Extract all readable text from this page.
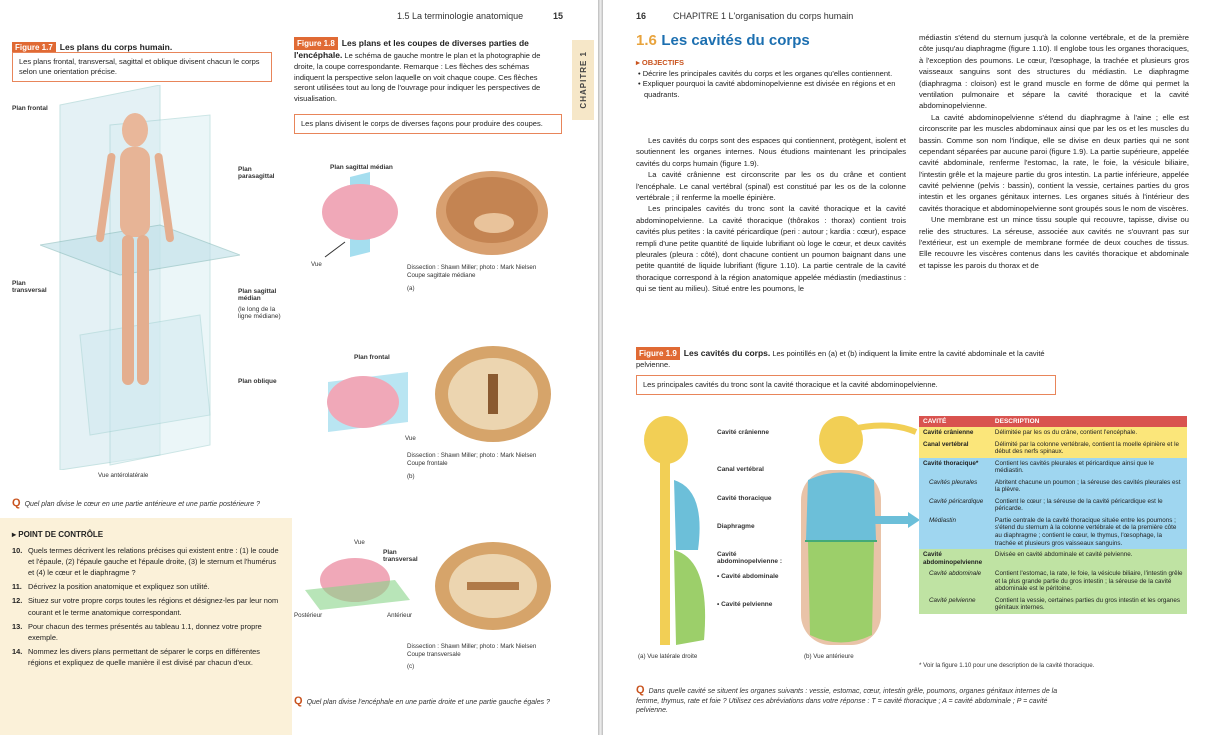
1.5 La terminologie anatomique	15
Figure 1.7 Les plans du corps humain.
Les plans frontal, transversal, sagittal et oblique divisent chacun le corps selon une orientation précise.
Plan frontal
Plan parasagittal
Plan transversal	Plan sagittal médian
(le long de la ligne médiane)
Plan oblique
Vue antérolatérale
Q Quel plan divise le cœur en une partie antérieure et une partie postérieure ?
▸ POINT DE CONTRÔLE
10. Quels termes décrivent les relations précises qui existent entre : (1) le coude et l'épaule, (2) l'épaule gauche et l'épaule droite, (3) le sternum et l'humérus et (4) le cœur et le diaphragme ?
11. Décrivez la position anatomique et expliquez son utilité.
12. Situez sur votre propre corps toutes les régions et désignez-les par leur nom courant et le terme anatomique correspondant.
13. Pour chacun des termes présentés au tableau 1.1, donnez votre propre exemple.
14. Nommez les divers plans permettant de séparer le corps en différentes régions et expliquez de quelle manière il est divisé par chacun d'eux.
Figure 1.8 Les plans et les coupes de diverses parties de l'encéphale. Le schéma de gauche montre le plan et la photographie de droite, la coupe correspondante. Remarque : Les flèches des schémas indiquent la perspective selon laquelle on voit chaque coupe. Ces flèches seront utilisées tout au long de l'ouvrage pour indiquer les perspectives de visualisation.
Les plans divisent le corps de diverses façons pour produire des coupes.
Plan sagittal médian
Vue	Dissection : Shawn Miller; photo : Mark Nielsen
Coupe sagittale médiane
(a)
Plan frontal
Vue
Dissection : Shawn Miller; photo : Mark Nielsen
Coupe frontale
(b)
Vue
Plan transversal
Postérieur	Antérieur
Dissection : Shawn Miller; photo : Mark Nielsen
Coupe transversale
(c)
Q Quel plan divise l'encéphale en une partie droite et une partie gauche égales ?
CHAPITRE 1
16	CHAPITRE 1 L'organisation du corps humain
1.6 Les cavités du corps
▸ OBJECTIFS
• Décrire les principales cavités du corps et les organes qu'elles contiennent.
• Expliquer pourquoi la cavité abdominopelvienne est divisée en régions et en quadrants.

Les cavités du corps sont des espaces qui contiennent, protègent, isolent et soutiennent les organes internes. Nous étudions maintenant les principales cavités du corps humain (figure 1.9).

La cavité crânienne est circonscrite par les os du crâne et contient l'encéphale. Le canal vertébral (spinal) est constitué par les os de la colonne vertébrale ; il renferme la moelle épinière.

Les principales cavités du tronc sont la cavité thoracique et la cavité abdominopelvienne. La cavité thoracique (thôrakos : thorax) contient trois cavités plus petites : la cavité péricardique (peri : autour ; kardia : cœur), espace rempli d'une petite quantité de liquide lubrifiant où loge le cœur, et deux cavités pleurales (pleura : côté), dont chacune contient un poumon baignant dans une petite quantité de liquide lubrifiant (figure 1.10). La partie centrale de la cavité thoracique correspond à la région anatomique appelée médiastin (mediastinus : qui se tient au milieu). Situé entre les poumons, le

médiastin s'étend du sternum jusqu'à la colonne vertébrale, et de la première côte jusqu'au diaphragme (figure 1.10). Il englobe tous les organes thoraciques, à l'exception des poumons. Le cœur, l'œsophage, la trachée et plusieurs gros vaisseaux sanguins sont des structures du médiastin. Le diaphragme (diaphragma : cloison) est le grand muscle en forme de dôme qui permet la ventilation pulmonaire et sépare la cavité thoracique et la cavité abdominopelvienne.

La cavité abdominopelvienne s'étend du diaphragme à l'aine ; elle est circonscrite par les muscles abdominaux ainsi que par les os et les muscles du bassin. Comme son nom l'indique, elle se divise en deux parties qui ne sont cependant séparées par aucune paroi (figure 1.9). La partie supérieure, appelée cavité abdominale, renferme l'estomac, la rate, le foie, la vésicule biliaire, l'intestin grêle et la majeure partie du gros intestin. La partie inférieure, appelée cavité pelvienne (pelvis : bassin), contient la vessie, certaines parties du gros intestin et les organes génitaux internes. Les organes situés à l'intérieur des cavités thoracique et abdominopelvienne sont groupés sous le nom de viscères.

Une membrane est un mince tissu souple qui recouvre, tapisse, divise ou relie des structures. La séreuse, associée aux cavités ne s'ouvrant pas sur l'extérieur, est un exemple de membrane formée de deux couches de tissus. Elle recouvre les viscères contenus dans les cavités thoracique et abdominale et tapisse les parois du thorax et de

Figure 1.9 Les cavités du corps. Les pointillés en (a) et (b) indiquent la limite entre la cavité abdominale et la cavité pelvienne.
Les principales cavités du tronc sont la cavité thoracique et la cavité abdominopelvienne.
Cavité crânienne
Canal vertébral
Cavité thoracique
Diaphragme
Cavité abdominopelvienne :
• Cavité abdominale
• Cavité pelvienne
(a) Vue latérale droite	(b) Vue antérieure
CAVITÉ	DESCRIPTION
Cavité crânienne	Délimitée par les os du crâne, contient l'encéphale.
Canal vertébral	Délimité par la colonne vertébrale, contient la moelle épinière et le début des nerfs spinaux.
Cavité thoracique*	Contient les cavités pleurales et péricardique ainsi que le médiastin.
Cavités pleurales	Abritent chacune un poumon ; la séreuse des cavités pleurales est la plèvre.
Cavité péricardique	Contient le cœur ; la séreuse de la cavité péricardique est le péricarde.
Médiastin	Partie centrale de la cavité thoracique située entre les poumons ; s'étend du sternum à la colonne vertébrale et de la première côte au diaphragme ; contient le cœur, le thymus, l'œsophage, la trachée et plusieurs gros vaisseaux sanguins.
Cavité abdominopelvienne	Divisée en cavité abdominale et cavité pelvienne.
Cavité abdominale	Contient l'estomac, la rate, le foie, la vésicule biliaire, l'intestin grêle et la plus grande partie du gros intestin ; la séreuse de la cavité abdominale est le péritoine.
Cavité pelvienne	Contient la vessie, certaines parties du gros intestin et les organes génitaux internes.
* Voir la figure 1.10 pour une description de la cavité thoracique.
Q Dans quelle cavité se situent les organes suivants : vessie, estomac, cœur, intestin grêle, poumons, organes génitaux internes de la femme, thymus, rate et foie ? Utilisez ces abréviations dans votre réponse : T = cavité thoracique ; A = cavité abdominale ; P = cavité pelvienne.
